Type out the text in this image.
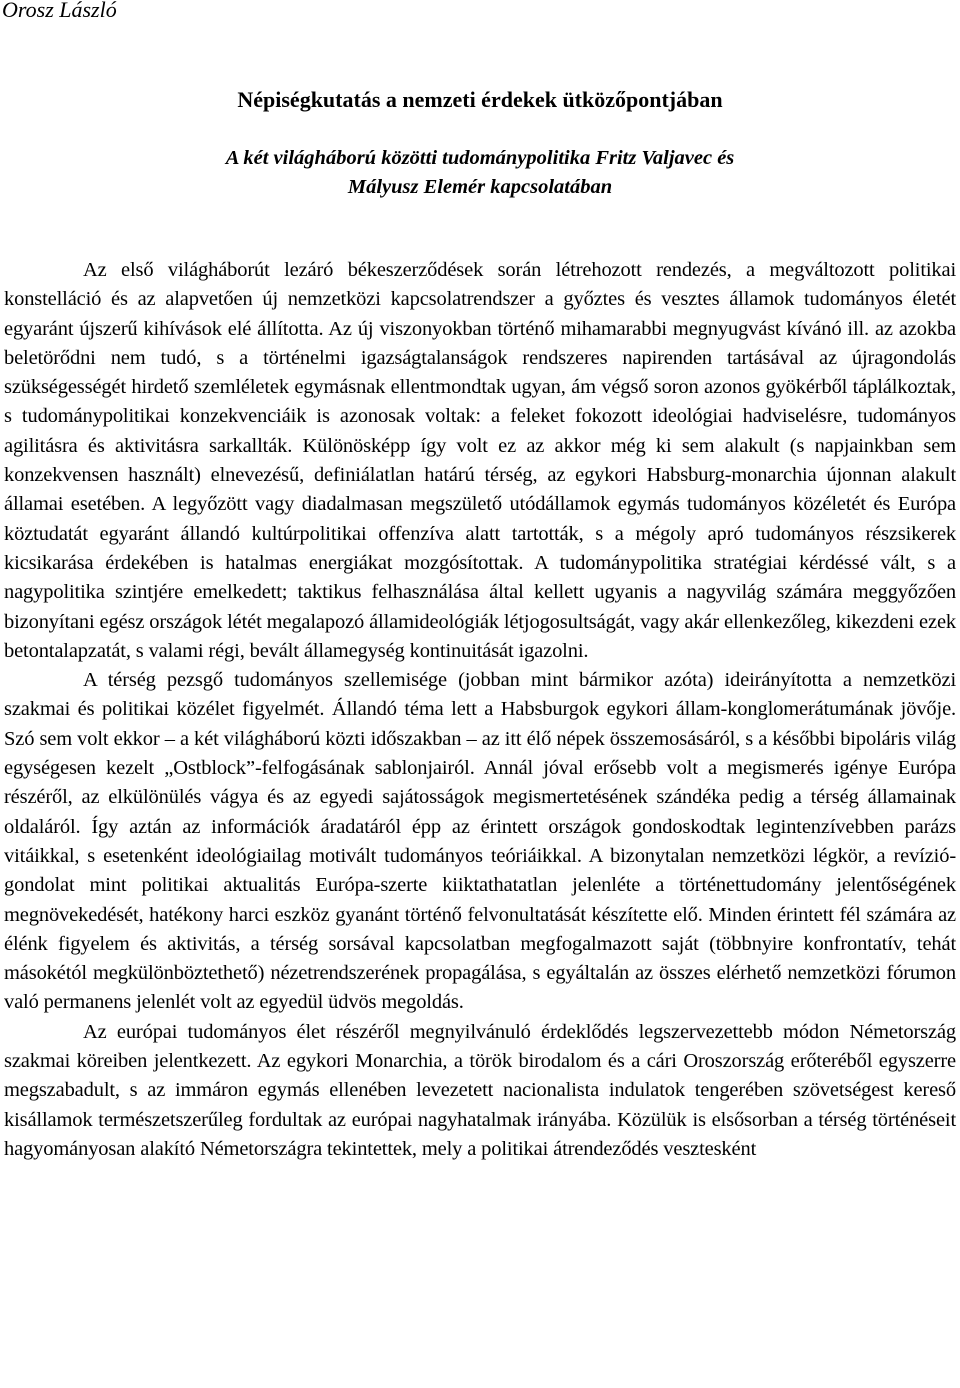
Orosz László

Népiségkutatás a nemzeti érdekek ütközőpontjában
A két világháború közötti tudománypolitika Fritz Valjavec és
Mályusz Elemér kapcsolatában

Az első világháborút lezáró békeszerződések során létrehozott rendezés, a megváltozott politikai konstelláció és az alapvetően új nemzetközi kapcsolatrendszer a győztes és vesztes államok tudományos életét egyaránt újszerű kihívások elé állította. Az új viszonyokban történő mihamarabbi megnyugvást kívánó ill. az azokba beletörődni nem tudó, s a történelmi igazságtalanságok rendszeres napirenden tartásával az újragondolás szükségességét hirdető szemléletek egymásnak ellentmondtak ugyan, ám végső soron azonos gyökérből táplálkoztak, s tudománypolitikai konzekvenciáik is azonosak voltak: a feleket fokozott ideológiai hadviselésre, tudományos agilitásra és aktivitásra sarkallták. Különösképp így volt ez az akkor még ki sem alakult (s napjainkban sem konzekvensen használt) elnevezésű, definiálatlan határú térség, az egykori Habsburg-monarchia újonnan alakult államai esetében. A legyőzött vagy diadalmasan megszülető utódállamok egymás tudományos közéletét és Európa köztudatát egyaránt állandó kultúrpolitikai offenzíva alatt tartották, s a mégoly apró tudományos részsikerek kicsikarása érdekében is hatalmas energiákat mozgósítottak. A tudománypolitika stratégiai kérdéssé vált, s a nagypolitika szintjére emelkedett; taktikus felhasználása által kellett ugyanis a nagyvilág számára meggyőzően bizonyítani egész országok létét megalapozó államideológiák létjogosultságát, vagy akár ellenkezőleg, kikezdeni ezek betontalapzatát, s valami régi, bevált államegység kontinuitását igazolni.

A térség pezsgő tudományos szellemisége (jobban mint bármikor azóta) ideirányította a nemzetközi szakmai és politikai közélet figyelmét. Állandó téma lett a Habsburgok egykori állam-konglomerátumának jövője. Szó sem volt ekkor – a két világháború közti időszakban – az itt élő népek összemosásáról, s a későbbi bipoláris világ egységesen kezelt „Ostblock”-felfogásának sablonjairól. Annál jóval erősebb volt a megismerés igénye Európa részéről, az elkülönülés vágya és az egyedi sajátosságok megismertetésének szándéka pedig a térség államainak oldaláról. Így aztán az információk áradatáról épp az érintett országok gondoskodtak legintenzívebben parázs vitáikkal, s esetenként ideológiailag motivált tudományos teóriáikkal. A bizonytalan nemzetközi légkör, a revízió-gondolat mint politikai aktualitás Európa-szerte kiiktathatatlan jelenléte a történettudomány jelentőségének megnövekedését, hatékony harci eszköz gyanánt történő felvonultatását készítette elő. Minden érintett fél számára az élénk figyelem és aktivitás, a térség sorsával kapcsolatban megfogalmazott saját (többnyire konfrontatív, tehát másokétól megkülönböztethető) nézetrendszerének propagálása, s egyáltalán az összes elérhető nemzetközi fórumon való permanens jelenlét volt az egyedül üdvös megoldás.

Az európai tudományos élet részéről megnyilvánuló érdeklődés legszervezettebb módon Németország szakmai köreiben jelentkezett. Az egykori Monarchia, a török birodalom és a cári Oroszország erőteréből egyszerre megszabadult, s az immáron egymás ellenében levezetett nacionalista indulatok tengerében szövetségest kereső kisállamok természetszerűleg fordultak az európai nagyhatalmak irányába. Közülük is elsősorban a térség történéseit hagyományosan alakító Németországra tekintettek, mely a politikai átrendeződés vesztesként
